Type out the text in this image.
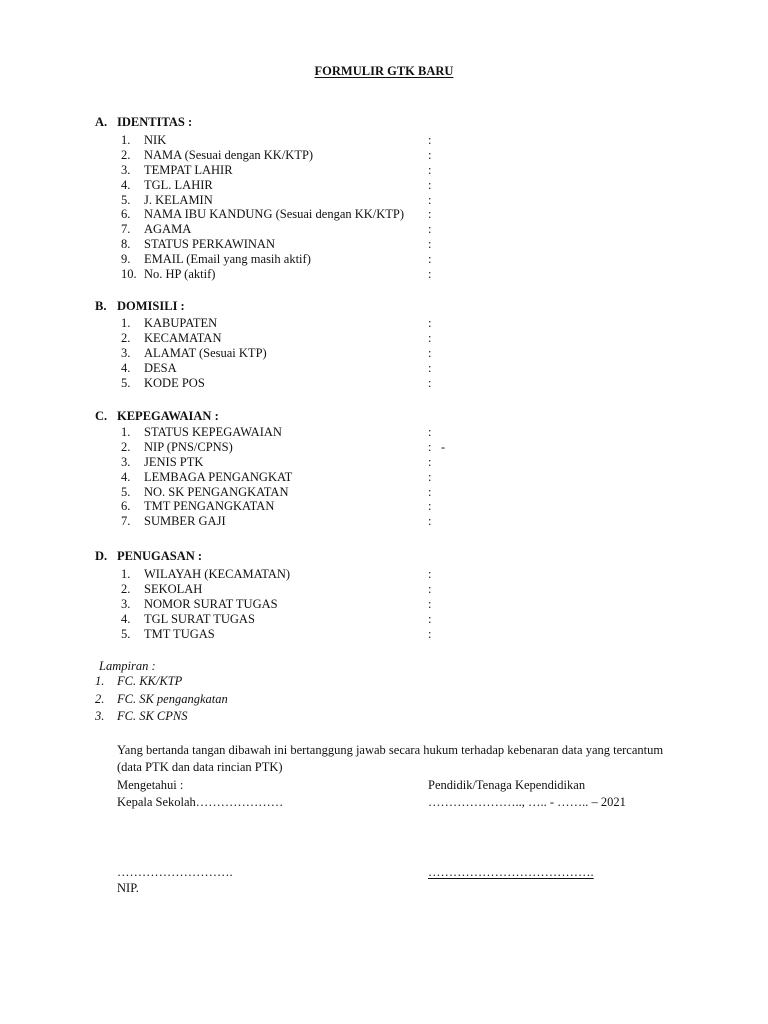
FORMULIR GTK BARU
A. IDENTITAS :
1. NIK	:
2. NAMA (Sesuai dengan KK/KTP)	:
3. TEMPAT LAHIR	:
4. TGL. LAHIR	:
5. J. KELAMIN	:
6. NAMA IBU KANDUNG (Sesuai dengan KK/KTP) :
7. AGAMA	:
8. STATUS PERKAWINAN	:
9. EMAIL (Email yang masih aktif)	:
10. No. HP (aktif)	:
B. DOMISILI :
1. KABUPATEN	:
2. KECAMATAN	:
3. ALAMAT (Sesuai KTP)	:
4. DESA	:
5. KODE POS	:
C. KEPEGAWAIAN :
1. STATUS KEPEGAWAIAN	:
2. NIP (PNS/CPNS)	: -
3. JENIS PTK	:
4. LEMBAGA PENGANGKAT	:
5. NO. SK PENGANGKATAN	:
6. TMT PENGANGKATAN	:
7. SUMBER GAJI	:
D. PENUGASAN :
1. WILAYAH (KECAMATAN)	:
2. SEKOLAH	:
3. NOMOR SURAT TUGAS	:
4. TGL SURAT TUGAS	:
5. TMT TUGAS	:
Lampiran :
1. FC. KK/KTP
2. FC. SK pengangkatan
3. FC. SK CPNS
Yang bertanda tangan dibawah ini bertanggung jawab secara hukum terhadap kebenaran data yang tercantum
(data PTK dan data rincian PTK)
Mengetahui :	Pendidik/Tenaga Kependidikan
Kepala Sekolah…………………	………………….., ….. - …….. – 2021
……………………….	………………………………….
NIP.
